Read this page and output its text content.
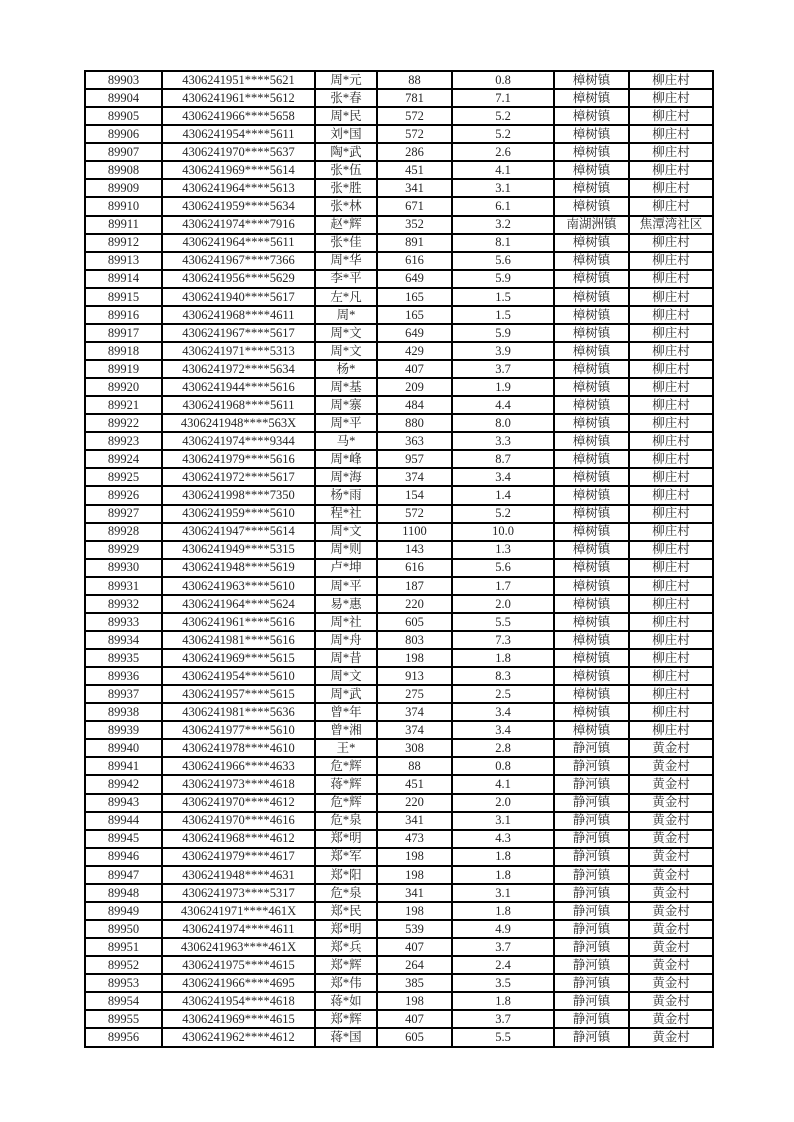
89903	4306241951****5621	周*元	88	0.8	樟树镇	柳庄村
89904	4306241961****5612	张*春	781	7.1	樟树镇	柳庄村
89905	4306241966****5658	周*民	572	5.2	樟树镇	柳庄村
89906	4306241954****5611	刘*国	572	5.2	樟树镇	柳庄村
89907	4306241970****5637	陶*武	286	2.6	樟树镇	柳庄村
89908	4306241969****5614	张*伍	451	4.1	樟树镇	柳庄村
89909	4306241964****5613	张*胜	341	3.1	樟树镇	柳庄村
89910	4306241959****5634	张*林	671	6.1	樟树镇	柳庄村
89911	4306241974****7916	赵*辉	352	3.2	南湖洲镇	焦潭湾社区
89912	4306241964****5611	张*佳	891	8.1	樟树镇	柳庄村
89913	4306241967****7366	周*华	616	5.6	樟树镇	柳庄村
89914	4306241956****5629	李*平	649	5.9	樟树镇	柳庄村
89915	4306241940****5617	左*凡	165	1.5	樟树镇	柳庄村
89916	4306241968****4611	周*	165	1.5	樟树镇	柳庄村
89917	4306241967****5617	周*文	649	5.9	樟树镇	柳庄村
89918	4306241971****5313	周*文	429	3.9	樟树镇	柳庄村
89919	4306241972****5634	杨*	407	3.7	樟树镇	柳庄村
89920	4306241944****5616	周*基	209	1.9	樟树镇	柳庄村
89921	4306241968****5611	周*寨	484	4.4	樟树镇	柳庄村
89922	4306241948****563X	周*平	880	8.0	樟树镇	柳庄村
89923	4306241974****9344	马*	363	3.3	樟树镇	柳庄村
89924	4306241979****5616	周*峰	957	8.7	樟树镇	柳庄村
89925	4306241972****5617	周*海	374	3.4	樟树镇	柳庄村
89926	4306241998****7350	杨*雨	154	1.4	樟树镇	柳庄村
89927	4306241959****5610	程*社	572	5.2	樟树镇	柳庄村
89928	4306241947****5614	周*文	1100	10.0	樟树镇	柳庄村
89929	4306241949****5315	周*则	143	1.3	樟树镇	柳庄村
89930	4306241948****5619	卢*坤	616	5.6	樟树镇	柳庄村
89931	4306241963****5610	周*平	187	1.7	樟树镇	柳庄村
89932	4306241964****5624	易*惠	220	2.0	樟树镇	柳庄村
89933	4306241961****5616	周*社	605	5.5	樟树镇	柳庄村
89934	4306241981****5616	周*舟	803	7.3	樟树镇	柳庄村
89935	4306241969****5615	周*昔	198	1.8	樟树镇	柳庄村
89936	4306241954****5610	周*文	913	8.3	樟树镇	柳庄村
89937	4306241957****5615	周*武	275	2.5	樟树镇	柳庄村
89938	4306241981****5636	曾*年	374	3.4	樟树镇	柳庄村
89939	4306241977****5610	曾*湘	374	3.4	樟树镇	柳庄村
89940	4306241978****4610	王*	308	2.8	静河镇	黄金村
89941	4306241966****4633	危*辉	88	0.8	静河镇	黄金村
89942	4306241973****4618	蒋*辉	451	4.1	静河镇	黄金村
89943	4306241970****4612	危*辉	220	2.0	静河镇	黄金村
89944	4306241970****4616	危*泉	341	3.1	静河镇	黄金村
89945	4306241968****4612	郑*明	473	4.3	静河镇	黄金村
89946	4306241979****4617	郑*军	198	1.8	静河镇	黄金村
89947	4306241948****4631	郑*阳	198	1.8	静河镇	黄金村
89948	4306241973****5317	危*泉	341	3.1	静河镇	黄金村
89949	4306241971****461X	郑*民	198	1.8	静河镇	黄金村
89950	4306241974****4611	郑*明	539	4.9	静河镇	黄金村
89951	4306241963****461X	郑*兵	407	3.7	静河镇	黄金村
89952	4306241975****4615	郑*辉	264	2.4	静河镇	黄金村
89953	4306241966****4695	郑*伟	385	3.5	静河镇	黄金村
89954	4306241954****4618	蒋*如	198	1.8	静河镇	黄金村
89955	4306241969****4615	郑*辉	407	3.7	静河镇	黄金村
89956	4306241962****4612	蒋*国	605	5.5	静河镇	黄金村
